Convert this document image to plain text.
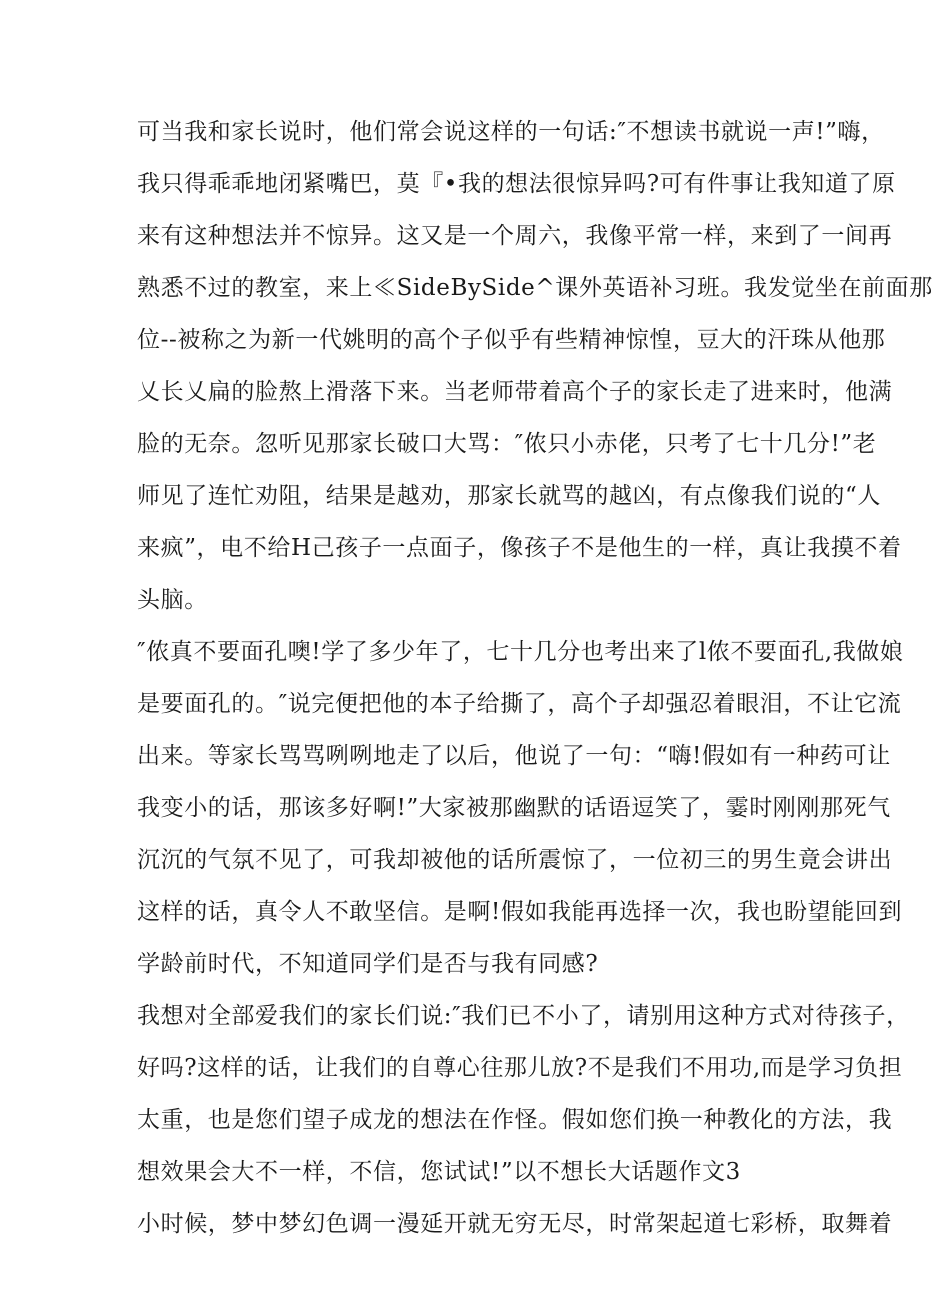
可当我和家长说时，他们常会说这样的一句话:″不想读书就说一声!”嗨，
我只得乖乖地闭紧嘴巴，莫『•我的想法很惊异吗?可有件事让我知道了原
来有这种想法并不惊异。这又是一个周六，我像平常一样，来到了一间再
熟悉不过的教室，来上≪SideBySide^课外英语补习班。我发觉坐在前面那
位--被称之为新一代姚明的高个子似乎有些精神惊惶，豆大的汗珠从他那
乂长乂扁的脸熬上滑落下来。当老师带着高个子的家长走了进来时，他满
脸的无奈。忽听见那家长破口大骂：″侬只小赤佬，只考了七十几分!”老
师见了连忙劝阻，结果是越劝，那家长就骂的越凶，有点像我们说的“人
来疯”，电不给H己孩子一点面子，像孩子不是他生的一样，真让我摸不着
头脑。
″侬真不要面孔噢!学了多少年了，七十几分也考出来了l侬不要面孔,我做娘
是要面孔的。″说完便把他的本子给撕了，高个子却强忍着眼泪，不让它流
出来。等家长骂骂咧咧地走了以后，他说了一句：“嗨!假如有一种药可让
我变小的话，那该多好啊!”大家被那幽默的话语逗笑了，霎时刚刚那死气
沉沉的气氛不见了，可我却被他的话所震惊了，一位初三的男生竟会讲出
这样的话，真令人不敢坚信。是啊!假如我能再选择一次，我也盼望能回到
学龄前时代，不知道同学们是否与我有同感?
我想对全部爱我们的家长们说:″我们已不小了，请别用这种方式对待孩子，
好吗?这样的话，让我们的自尊心往那儿放?不是我们不用功,而是学习负担
太重，也是您们望子成龙的想法在作怪。假如您们换一种教化的方法，我
想效果会大不一样，不信，您试试!”以不想长大话题作文3
小时候，梦中梦幻色调一漫延开就无穷无尽，时常架起道七彩桥，取舞着
